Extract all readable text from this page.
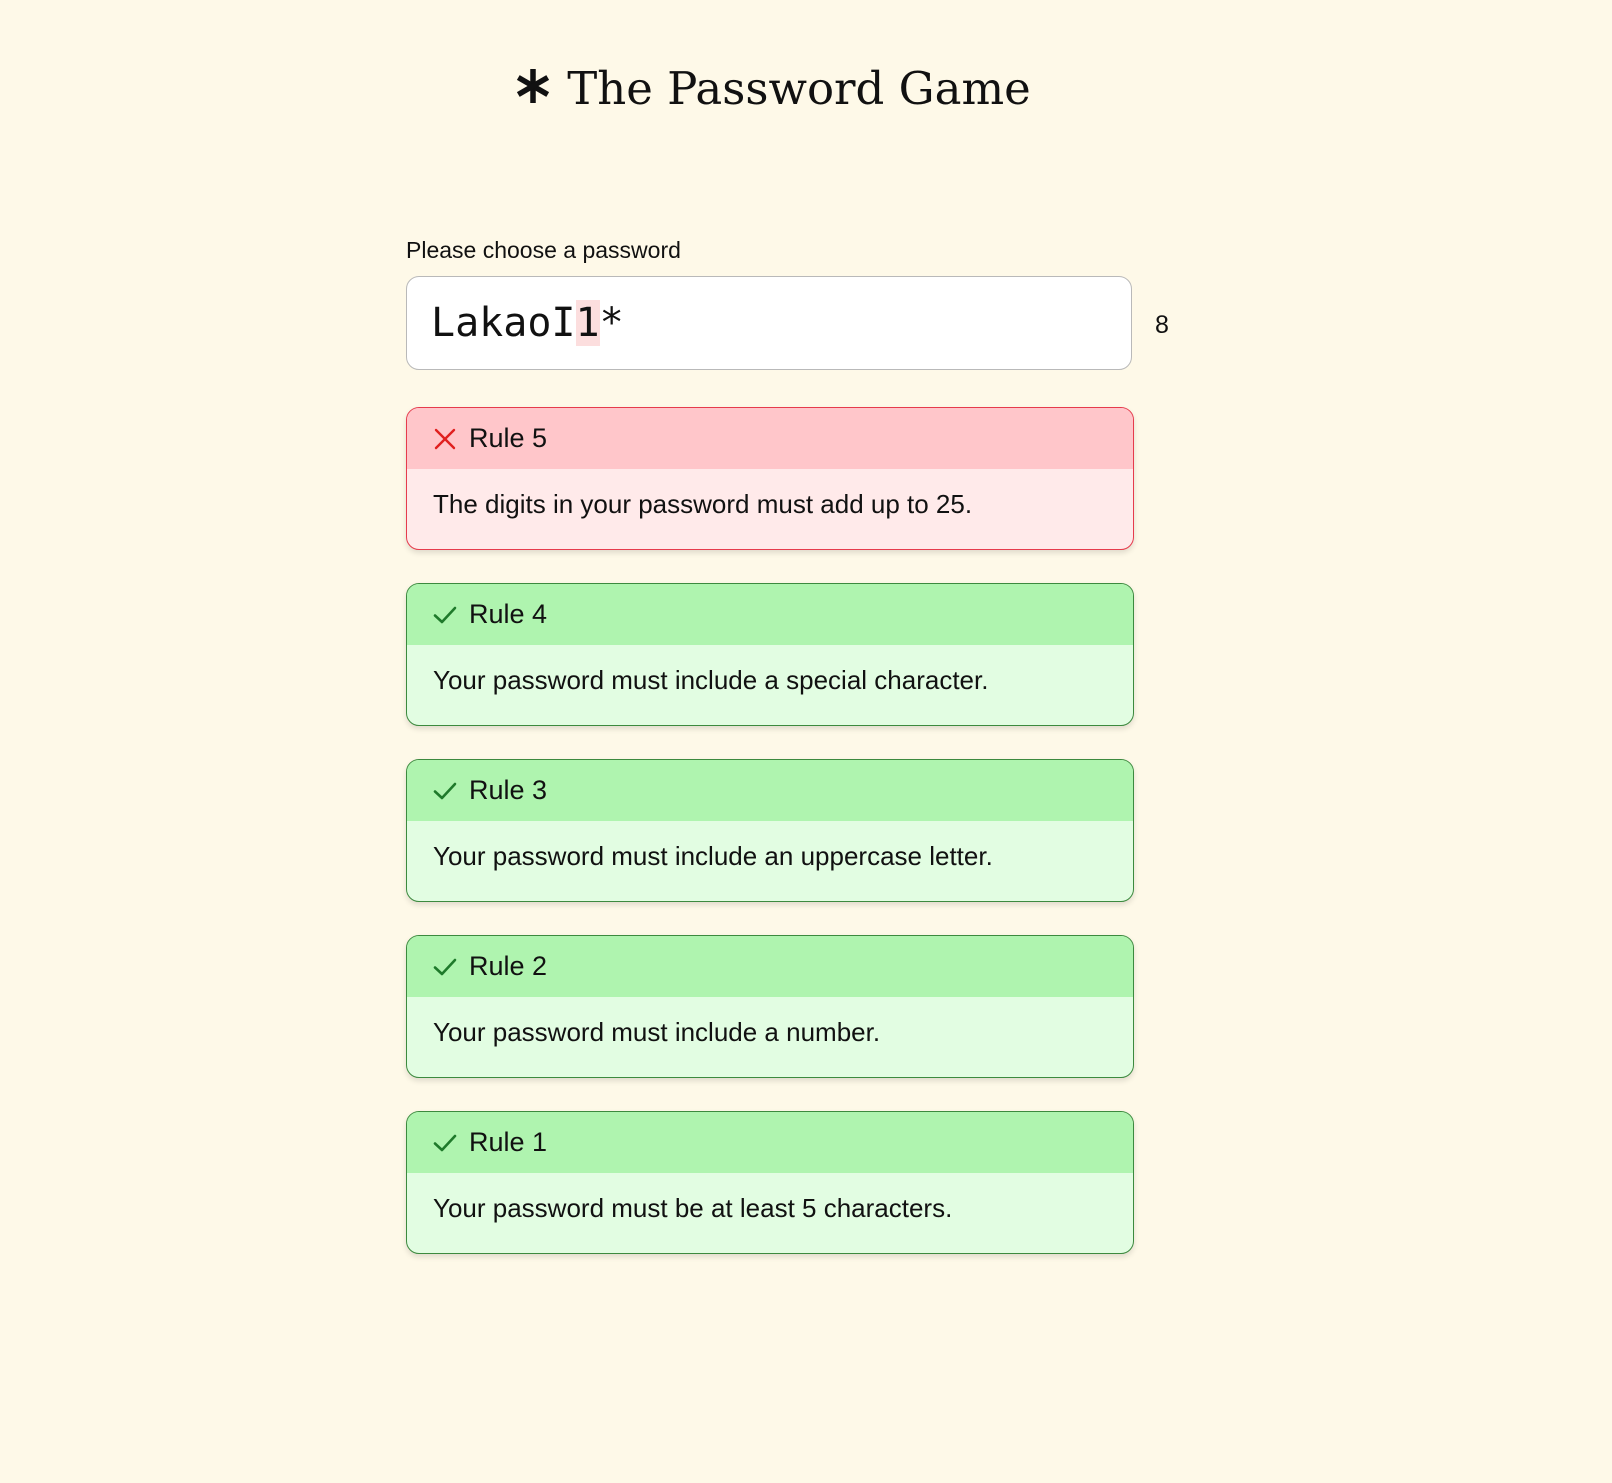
The Password Game
Please choose a password
LakaoI1*	8
Rule 5
The digits in your password must add up to 25.
Rule 4
Your password must include a special character.
Rule 3
Your password must include an uppercase letter.
Rule 2
Your password must include a number.
Rule 1
Your password must be at least 5 characters.
